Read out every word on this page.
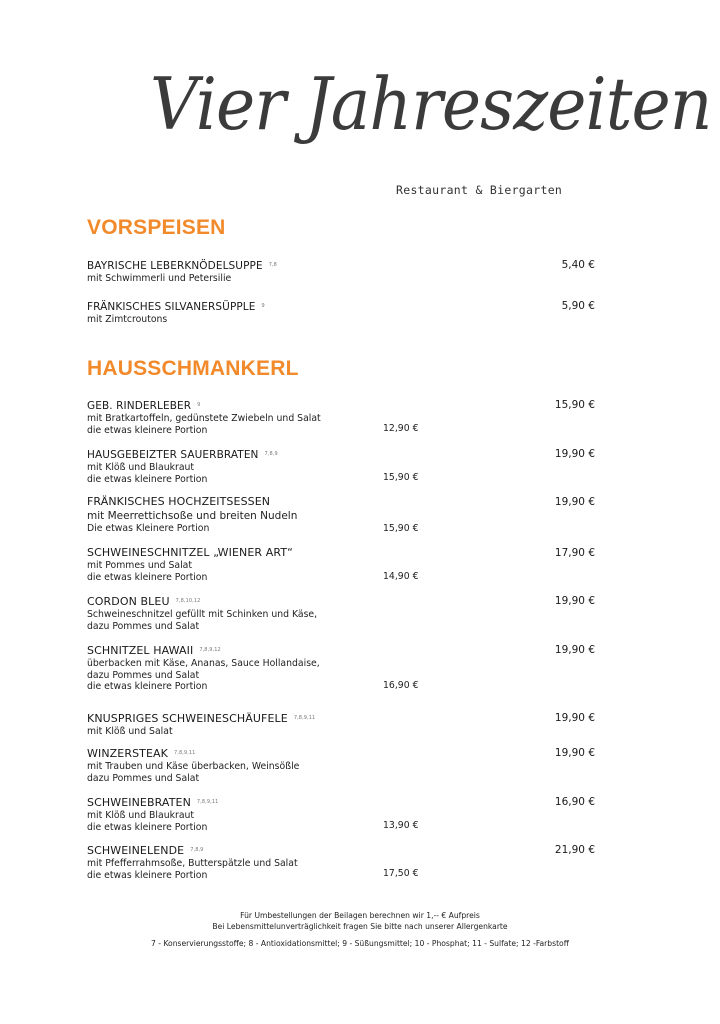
Vier Jahreszeiten
Restaurant & Biergarten
VORSPEISEN
BAYRISCHE LEBERKNÖDELSUPPE $^{7,8}$
mit Schwimmerli und Petersilie
5,40 €
FRÄNKISCHES SILVANERSÜPPLE $^9$
mit Zimtcroutons
5,90 €
HAUSSCHMANKERL
GEB. RINDERLEBER $^9$
mit Bratkartoffeln, gedünstete Zwiebeln und Salat
die etwas kleinere Portion
15,90 €
12,90 €
HAUSGEBEIZTER SAUERBRATEN $^{7,8,9}$
mit Klöß und Blaukraut
die etwas kleinere Portion
19,90 €
15,90 €
FRÄNKISCHES HOCHZEITSESSEN
mit Meerrettichsoße und breiten Nudeln
Die etwas Kleinere Portion
19,90 €
15,90 €
SCHWEINESCHNITZEL „WIENER ART“
mit Pommes und Salat
die etwas kleinere Portion
17,90 €
14,90 €
CORDON BLEU $^{7,8,10,12}$
Schweineschnitzel gefüllt mit Schinken und Käse,
dazu Pommes und Salat
19,90 €
SCHNITZEL HAWAII $^{7,8,9,12}$
überbacken mit Käse, Ananas, Sauce Hollandaise,
dazu Pommes und Salat
die etwas kleinere Portion
19,90 €
16,90 €
KNUSPRIGES SCHWEINESCHÄUFELE $^{7,8,9,11}$
mit Klöß und Salat
19,90 €
WINZERSTEAK $^{7,8,9,11}$
mit Trauben und Käse überbacken, Weinsößle
dazu Pommes und Salat
19,90 €
SCHWEINEBRATEN $^{7,8,9,11}$
mit Klöß und Blaukraut
die etwas kleinere Portion
16,90 €
13,90 €
SCHWEINELENDE $^{7,8,9}$
mit Pfefferrahmsoße, Butterspätzle und Salat
die etwas kleinere Portion
21,90 €
17,50 €
Für Umbestellungen der Beilagen berechnen wir 1,-- € Aufpreis
Bei Lebensmittelunverträglichkeit fragen Sie bitte nach unserer Allergenkarte
7 - Konservierungsstoffe; 8 - Antioxidationsmittel; 9 - Süßungsmittel; 10 - Phosphat; 11 - Sulfate; 12 -Farbstoff
